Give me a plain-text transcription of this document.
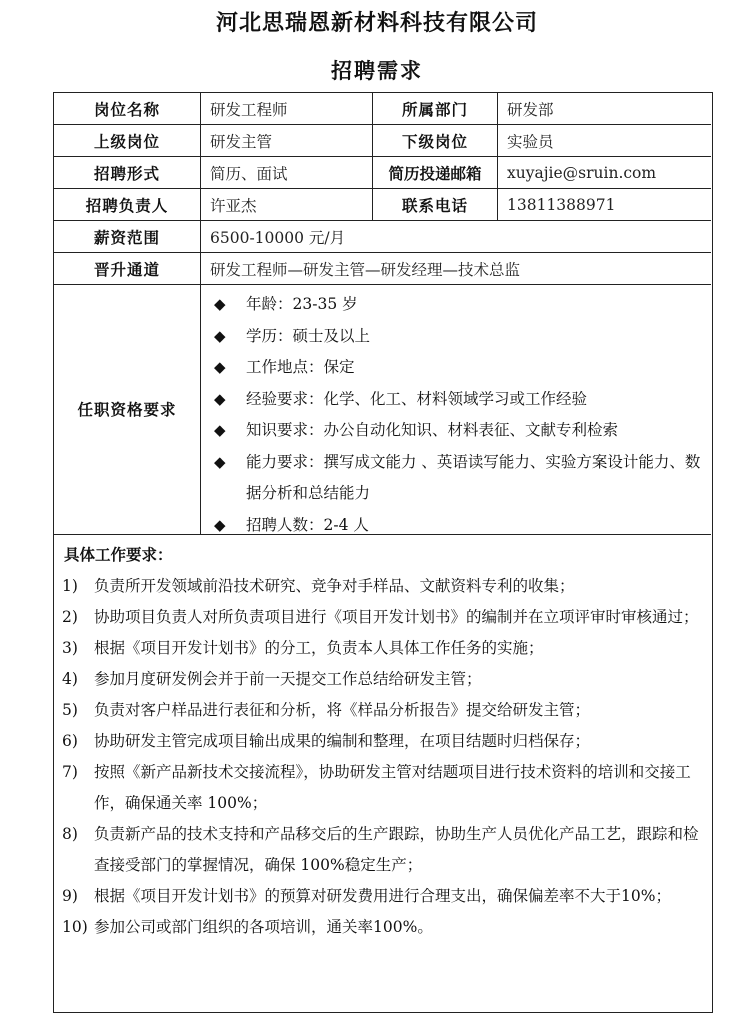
河北思瑞恩新材料科技有限公司
招聘需求
岗位名称	研发工程师	所属部门	研发部
上级岗位	研发主管	下级岗位	实验员
招聘形式	简历、面试	简历投递邮箱	xuyajie@sruin.com
招聘负责人	许亚杰	联系电话	13811388971
薪资范围	6500-10000 元/月
晋升通道	研发工程师—研发主管—研发经理—技术总监
任职资格要求
◆	年龄：23-35 岁
◆	学历：硕士及以上
◆	工作地点：保定
◆	经验要求：化学、化工、材料领域学习或工作经验
◆	知识要求：办公自动化知识、材料表征、文献专利检索
◆	能力要求：撰写成文能力 、英语读写能力、实验方案设计能力、数据分析和总结能力
◆	招聘人数：2-4 人
具体工作要求：
1)	负责所开发领域前沿技术研究、竞争对手样品、文献资料专利的收集；
2)	协助项目负责人对所负责项目进行《项目开发计划书》的编制并在立项评审时审核通过；
3)	根据《项目开发计划书》的分工，负责本人具体工作任务的实施；
4)	参加月度研发例会并于前一天提交工作总结给研发主管；
5)	负责对客户样品进行表征和分析，将《样品分析报告》提交给研发主管；
6)	协助研发主管完成项目输出成果的编制和整理，在项目结题时归档保存；
7)	按照《新产品新技术交接流程》，协助研发主管对结题项目进行技术资料的培训和交接工作，确保通关率 100%；
8)	负责新产品的技术支持和产品移交后的生产跟踪，协助生产人员优化产品工艺，跟踪和检查接受部门的掌握情况，确保 100%稳定生产；
9)	根据《项目开发计划书》的预算对研发费用进行合理支出，确保偏差率不大于10%；
10) 参加公司或部门组织的各项培训，通关率100%。
